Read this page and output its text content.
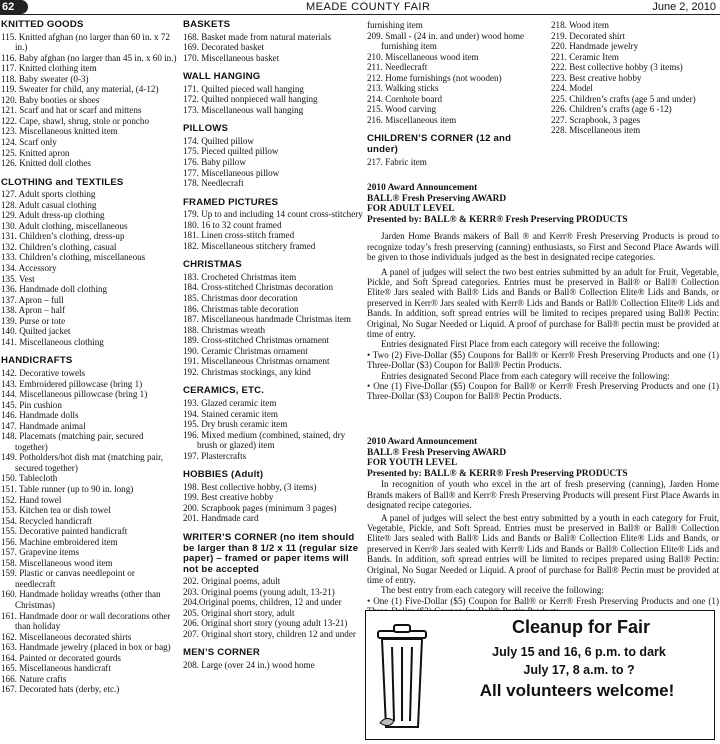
62	MEADE COUNTY FAIR	June 2, 2010
KNITTED GOODS
115. Knitted afghan (no larger than 60 in. x 72 in.)
116. Baby afghan (no larger than 45 in. x 60 in.)
117. Knitted clothing item
118. Baby sweater (0-3)
119. Sweater for child, any material, (4-12)
120. Baby booties or shoes
121. Scarf and hat or scarf and mittens
122. Cape, shawl, shrug, stole or poncho
123. Miscellaneous knitted item
124. Scarf only
125. Knitted apron
126. Knitted doll clothes
CLOTHING and TEXTILES
127. Adult sports clothing
128. Adult casual clothing
129. Adult dress-up clothing
130. Adult clothing, miscellaneous
131. Children’s clothing, dress-up
132. Children’s clothing, casual
133. Children’s clothing, miscellaneous
134. Accessory
135. Vest
136. Handmade doll clothing
137. Apron – full
138. Apron – half
139. Purse or tote
140. Quilted jacket
141. Miscellaneous clothing
HANDICRAFTS
142. Decorative towels
143. Embroidered pillowcase (bring 1)
144. Miscellaneous pillowcase (bring 1)
145. Pin cushion
146. Handmade dolls
147. Handmade animal
148. Placemats (matching pair, secured together)
149. Potholders/hot dish mat (matching pair, secured together)
150. Tablecloth
151. Table runner (up to 90 in. long)
152. Hand towel
153. Kitchen tea or dish towel
154. Recycled handicraft
155. Decorative painted handicraft
156. Machine embroidered item
157. Grapevine items
158. Miscellaneous wood item
159. Plastic or canvas needlepoint or needlecraft
160. Handmade holiday wreaths (other than Christmas)
161. Handmade door or wall decorations other than holiday
162. Miscellaneous decorated shirts
163. Handmade jewelry (placed in box or bag)
164. Painted or decorated gourds
165. Miscellaneous handicraft
166. Nature crafts
167. Decorated hats (derby, etc.)
BASKETS
168. Basket made from natural materials
169. Decorated basket
170. Miscellaneous basket
WALL HANGING
171. Quilted pieced wall hanging
172. Quilted nonpieced wall hanging
173. Miscellaneous wall hanging
PILLOWS
174. Quilted pillow
175. Pieced quilted pillow
176. Baby pillow
177. Miscellaneous pillow
178. Needlecraft
FRAMED PICTURES
179. Up to and including 14 count cross-stitchery
180. 16 to 32 count framed
181. Linen cross-stitch framed
182. Miscellaneous stitchery framed
CHRISTMAS
183. Crocheted Christmas item
184. Cross-stitched Christmas decoration
185. Christmas door decoration
186. Christmas table decoration
187. Miscellaneous handmade Christmas item
188. Christmas wreath
189. Cross-stitched Christmas ornament
190. Ceramic Christmas ornament
191. Miscellaneous Christmas ornament
192. Christmas stockings, any kind
CERAMICS, ETC.
193. Glazed ceramic item
194. Stained ceramic item
195. Dry brush ceramic item
196. Mixed medium (combined, stained, dry brush or glazed) item
197. Plastercrafts
HOBBIES (Adult)
198. Best collective hobby, (3 items)
199. Best creative hobby
200. Scrapbook pages (minimum 3 pages)
201. Handmade card
WRITER’S CORNER (no item should be larger than 8 1/2 x 11 (regular size paper) – framed or paper items will not be accepted
202. Original poems, adult
203. Original poems (young adult, 13-21)
204.Original poems, children, 12 and under
205. Original short story, adult
206. Original short story (young adult 13-21)
207. Original short story, children 12 and under
MEN’S CORNER
208. Large (over 24 in.) wood home
furnishing item
209. Small - (24 in. and under) wood home furnishing item
210. Miscellaneous wood item
211. Needlecraft
212. Home furnishings (not wooden)
213. Walking sticks
214. Cornhole board
215. Wood carving
216. Miscellaneous item
CHILDREN’S CORNER (12 and under)
217. Fabric item
218. Wood item
219. Decorated shirt
220. Handmade jewelry
221. Ceramic Item
222. Best collective hobby (3 items)
223. Best creative hobby
224. Model
225. Children’s crafts (age 5 and under)
226. Children’s crafts (age 6 -12)
227. Scrapbook, 3 pages
228. Miscellaneous item
2010 Award Announcement
BALL® Fresh Preserving AWARD
FOR ADULT LEVEL
Presented by: BALL® & KERR® Fresh Preserving PRODUCTS

Jarden Home Brands makers of Ball ® and Kerr® Fresh Preserving Products is proud to recognize today’s fresh preserving (canning) enthusiasts, so First and Second Place Awards will be given to those individuals judged as the best in designated recipe categories.

A panel of judges will select the two best entries submitted by an adult for Fruit, Vegetable, Pickle, and Soft Spread categories. Entries must be preserved in Ball® or Ball® Collection Elite® Jars sealed with Ball® Lids and Bands or Ball® Collection Elite® Lids and Bands, or preserved in Kerr® Jars sealed with Kerr® Lids and Bands or Ball® Collection Elite® Lids and Bands. In addition, soft spread entries will be limited to recipes prepared using Ball® Pectin: Original, No Sugar Needed or Liquid. A proof of purchase for Ball® pectin must be provided at time of entry.

Entries designated First Place from each category will receive the following:

• Two (2) Five-Dollar ($5) Coupons for Ball® or Kerr® Fresh Preserving Products and one (1) Three-Dollar ($3) Coupon for Ball® Pectin Products.

Entries designated Second Place from each category will receive the following:

• One (1) Five-Dollar ($5) Coupon for Ball® or Kerr® Fresh Preserving Products and one (1) Three-Dollar ($3) Coupon for Ball® Pectin Products.

2010 Award Announcement
BALL® Fresh Preserving AWARD
FOR YOUTH LEVEL
Presented by: BALL® & KERR® Fresh Preserving PRODUCTS

In recognition of youth who excel in the art of fresh preserving (canning), Jarden Home Brands makers of Ball® and Kerr® Fresh Preserving Products will present First Place Awards in designated recipe categories.

A panel of judges will select the best entry submitted by a youth in each category for Fruit, Vegetable, Pickle, and Soft Spread. Entries must be preserved in Ball® or Ball® Collection Elite® Jars sealed with Ball® Lids and Bands or Ball® Collection Elite® Lids and Bands, or preserved in Kerr® Jars sealed with Kerr® Lids and Bands or Ball® Collection Elite® Lids and Bands. In addition, soft spread entries will be limited to recipes prepared using Ball® Pectin: Original, No Sugar Needed or Liquid. A proof of purchase for Ball® Pectin must be provided at time of entry.

The best entry from each category will receive the following:

• One (1) Five-Dollar ($5) Coupon for Ball® or Kerr® Fresh Preserving Products and one (1)

Cleanup for Fair
July 15 and 16, 6 p.m. to dark
July 17, 8 a.m. to ?
All volunteers welcome!
